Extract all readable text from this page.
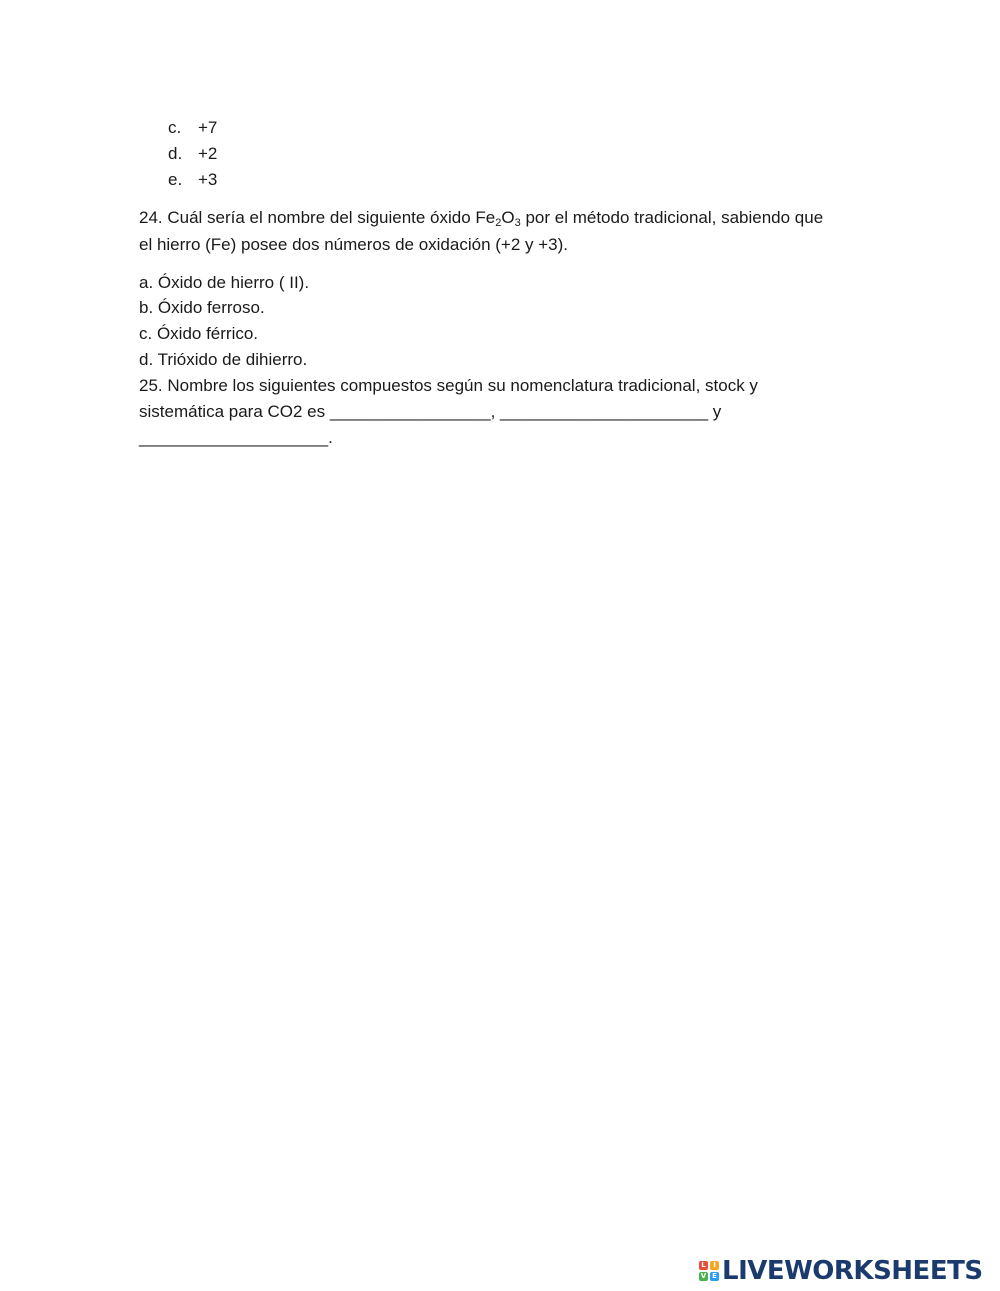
c. +7
d. +2
e. +3
24. Cuál sería el nombre del siguiente óxido $Fe_2O_3$ por el método tradicional, sabiendo que
el hierro (Fe) posee dos números de oxidación (+2 y +3).
a. Óxido de hierro ( II).
b. Óxido ferroso.
c. Óxido férrico.
d. Trióxido de dihierro.
25. Nombre los siguientes compuestos según su nomenclatura tradicional, stock y
sistemática para CO2 es _________________, ______________________ y
____________________.
L	I
V E LIVEWORKSHEETS
